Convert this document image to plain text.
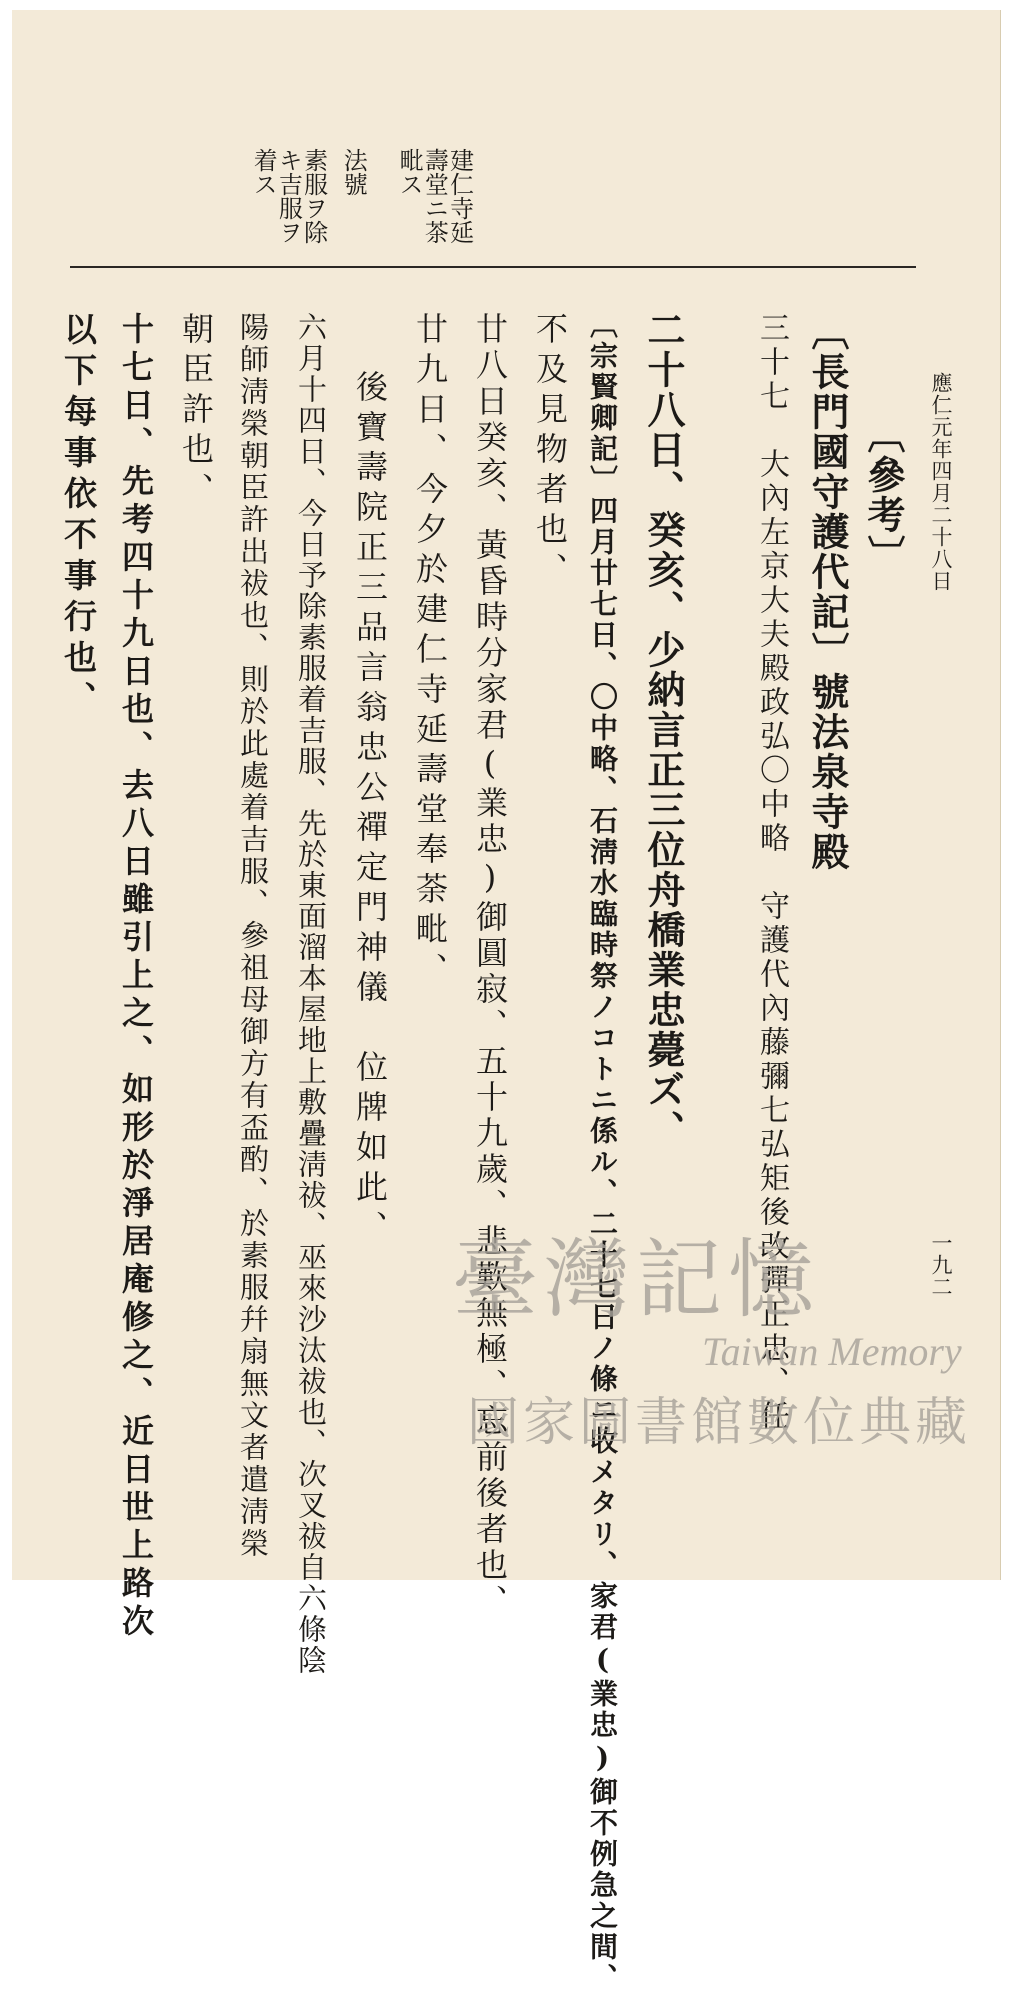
應仁元年四月二十八日
一九二
建仁寺延壽堂ニ茶毗ス
法號
素服ヲ除キ吉服ヲ着ス
〔參考〕
〔長門國守護代記〕號法泉寺殿
三十七　大內左京大夫殿政弘〇中略　守護代內藤彌七弘矩後改彈正忠、任
二十八日、癸亥、少納言正三位舟橋業忠薨ズ、
〔宗賢卿記〕四月廿七日、〇中略、石淸水臨時祭ノコトニ係ル、二十七日ノ條ニ收メタリ、家君(業忠)御不例急之間、
不及見物者也、
廿八日癸亥、黃昏時分家君(業忠)御圓寂、五十九歲、悲歎無極、忘前後者也、
廿九日、今夕於建仁寺延壽堂奉荼毗、
後寶壽院正三品言翁忠公禪定門神儀　位牌如此、
六月十四日、今日予除素服着吉服、先於東面溜本屋地上敷疊淸祓、巫來沙汰祓也、次叉祓自六條陰
陽師淸榮朝臣許出祓也、則於此處着吉服、參祖母御方有盃酌、於素服幷扇無文者遣淸榮
朝臣許也、
十七日、先考四十九日也、去八日雖引上之、如形於淨居庵修之、近日世上路次
以下每事依不事行也、
臺灣記憶
Taiwan Memory
國家圖書館數位典藏
